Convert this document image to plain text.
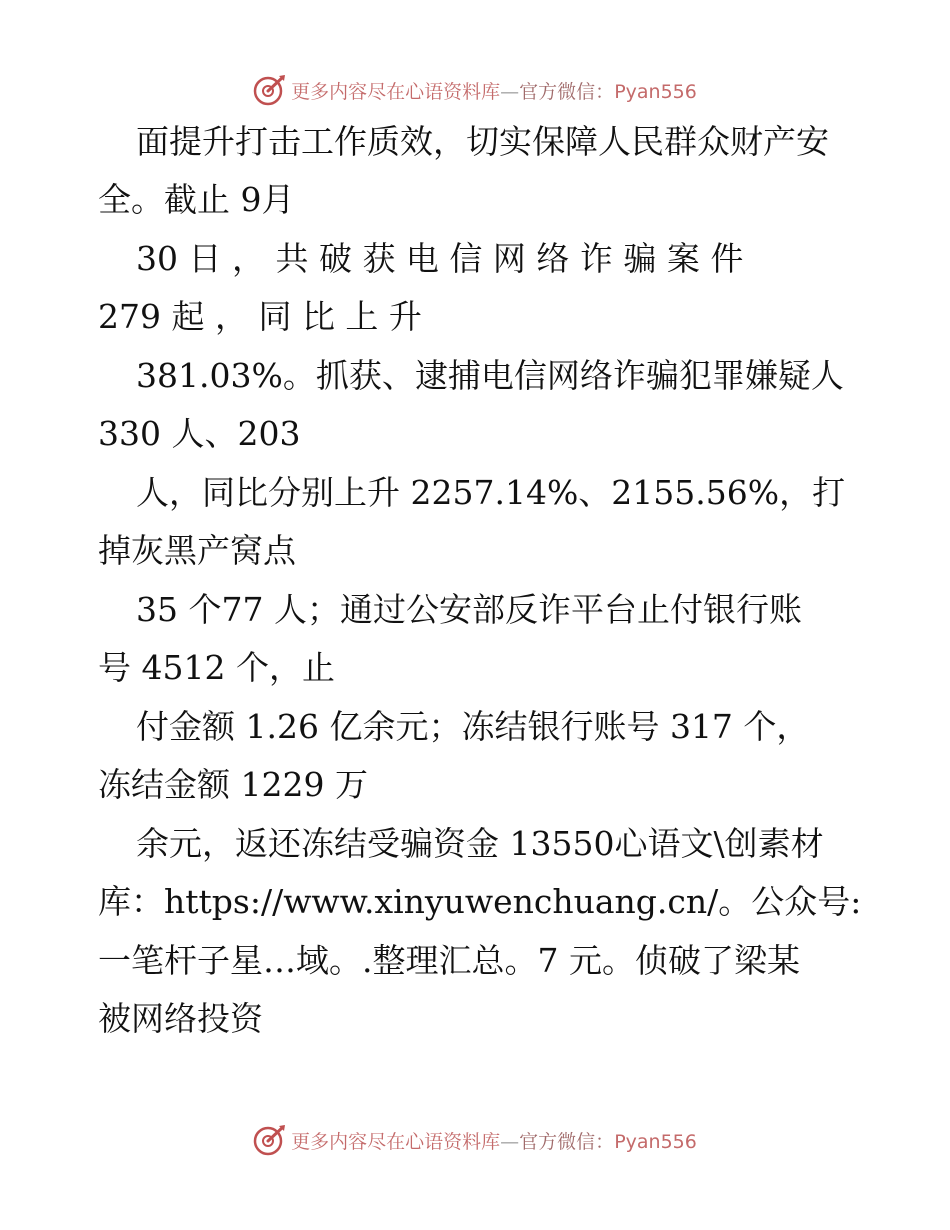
更多内容尽在心语资料库—官方微信：Pyan556
面提升打击工作质效，切实保障人民群众财产安
全。截止 9月
30 日 ， 共 破 获 电 信 网 络 诈 骗 案 件
279 起 ， 同 比 上 升
381.03%。抓获、逮捕电信网络诈骗犯罪嫌疑人
330 人、203
人，同比分别上升 2257.14%、2155.56%，打
掉灰黑产窝点
35 个77 人；通过公安部反诈平台止付银行账
号 4512 个，止
付金额 1.26 亿余元；冻结银行账号 317 个，
冻结金额 1229 万
余元，返还冻结受骗资金 13550心语文\创素材
库：https://www.xinyuwenchuang.cn/。公众号:
一笔杆子星…域。.整理汇总。7 元。侦破了梁某
被网络投资
更多内容尽在心语资料库—官方微信：Pyan556
